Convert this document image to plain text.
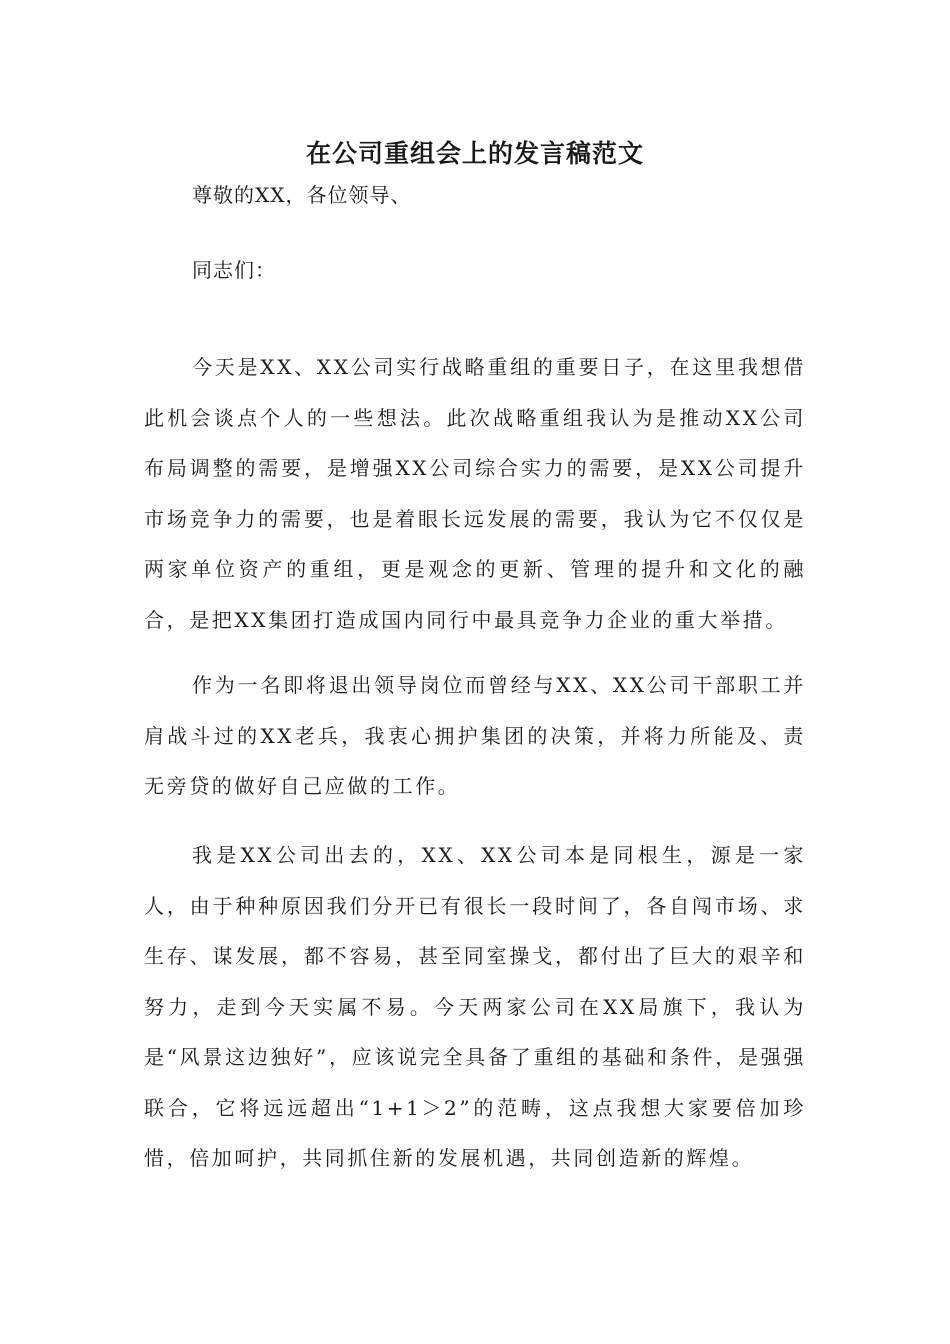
在公司重组会上的发言稿范文
尊敬的XX，各位领导、
同志们：

今天是XX、XX公司实行战略重组的重要日子，在这里我想借此机会谈点个人的一些想法。此次战略重组我认为是推动XX公司布局调整的需要，是增强XX公司综合实力的需要，是XX公司提升市场竞争力的需要，也是着眼长远发展的需要，我认为它不仅仅是两家单位资产的重组，更是观念的更新、管理的提升和文化的融合，是把XX集团打造成国内同行中最具竞争力企业的重大举措。

作为一名即将退出领导岗位而曾经与XX、XX公司干部职工并肩战斗过的XX老兵，我衷心拥护集团的决策，并将力所能及、责无旁贷的做好自己应做的工作。

我是XX公司出去的，XX、XX公司本是同根生，源是一家人，由于种种原因我们分开已有很长一段时间了，各自闯市场、求生存、谋发展，都不容易，甚至同室操戈，都付出了巨大的艰辛和努力，走到今天实属不易。今天两家公司在XX局旗下，我认为是“风景这边独好”，应该说完全具备了重组的基础和条件，是强强联合，它将远远超出“1+1＞2”的范畴，这点我想大家要倍加珍惜，倍加呵护，共同抓住新的发展机遇，共同创造新的辉煌。
